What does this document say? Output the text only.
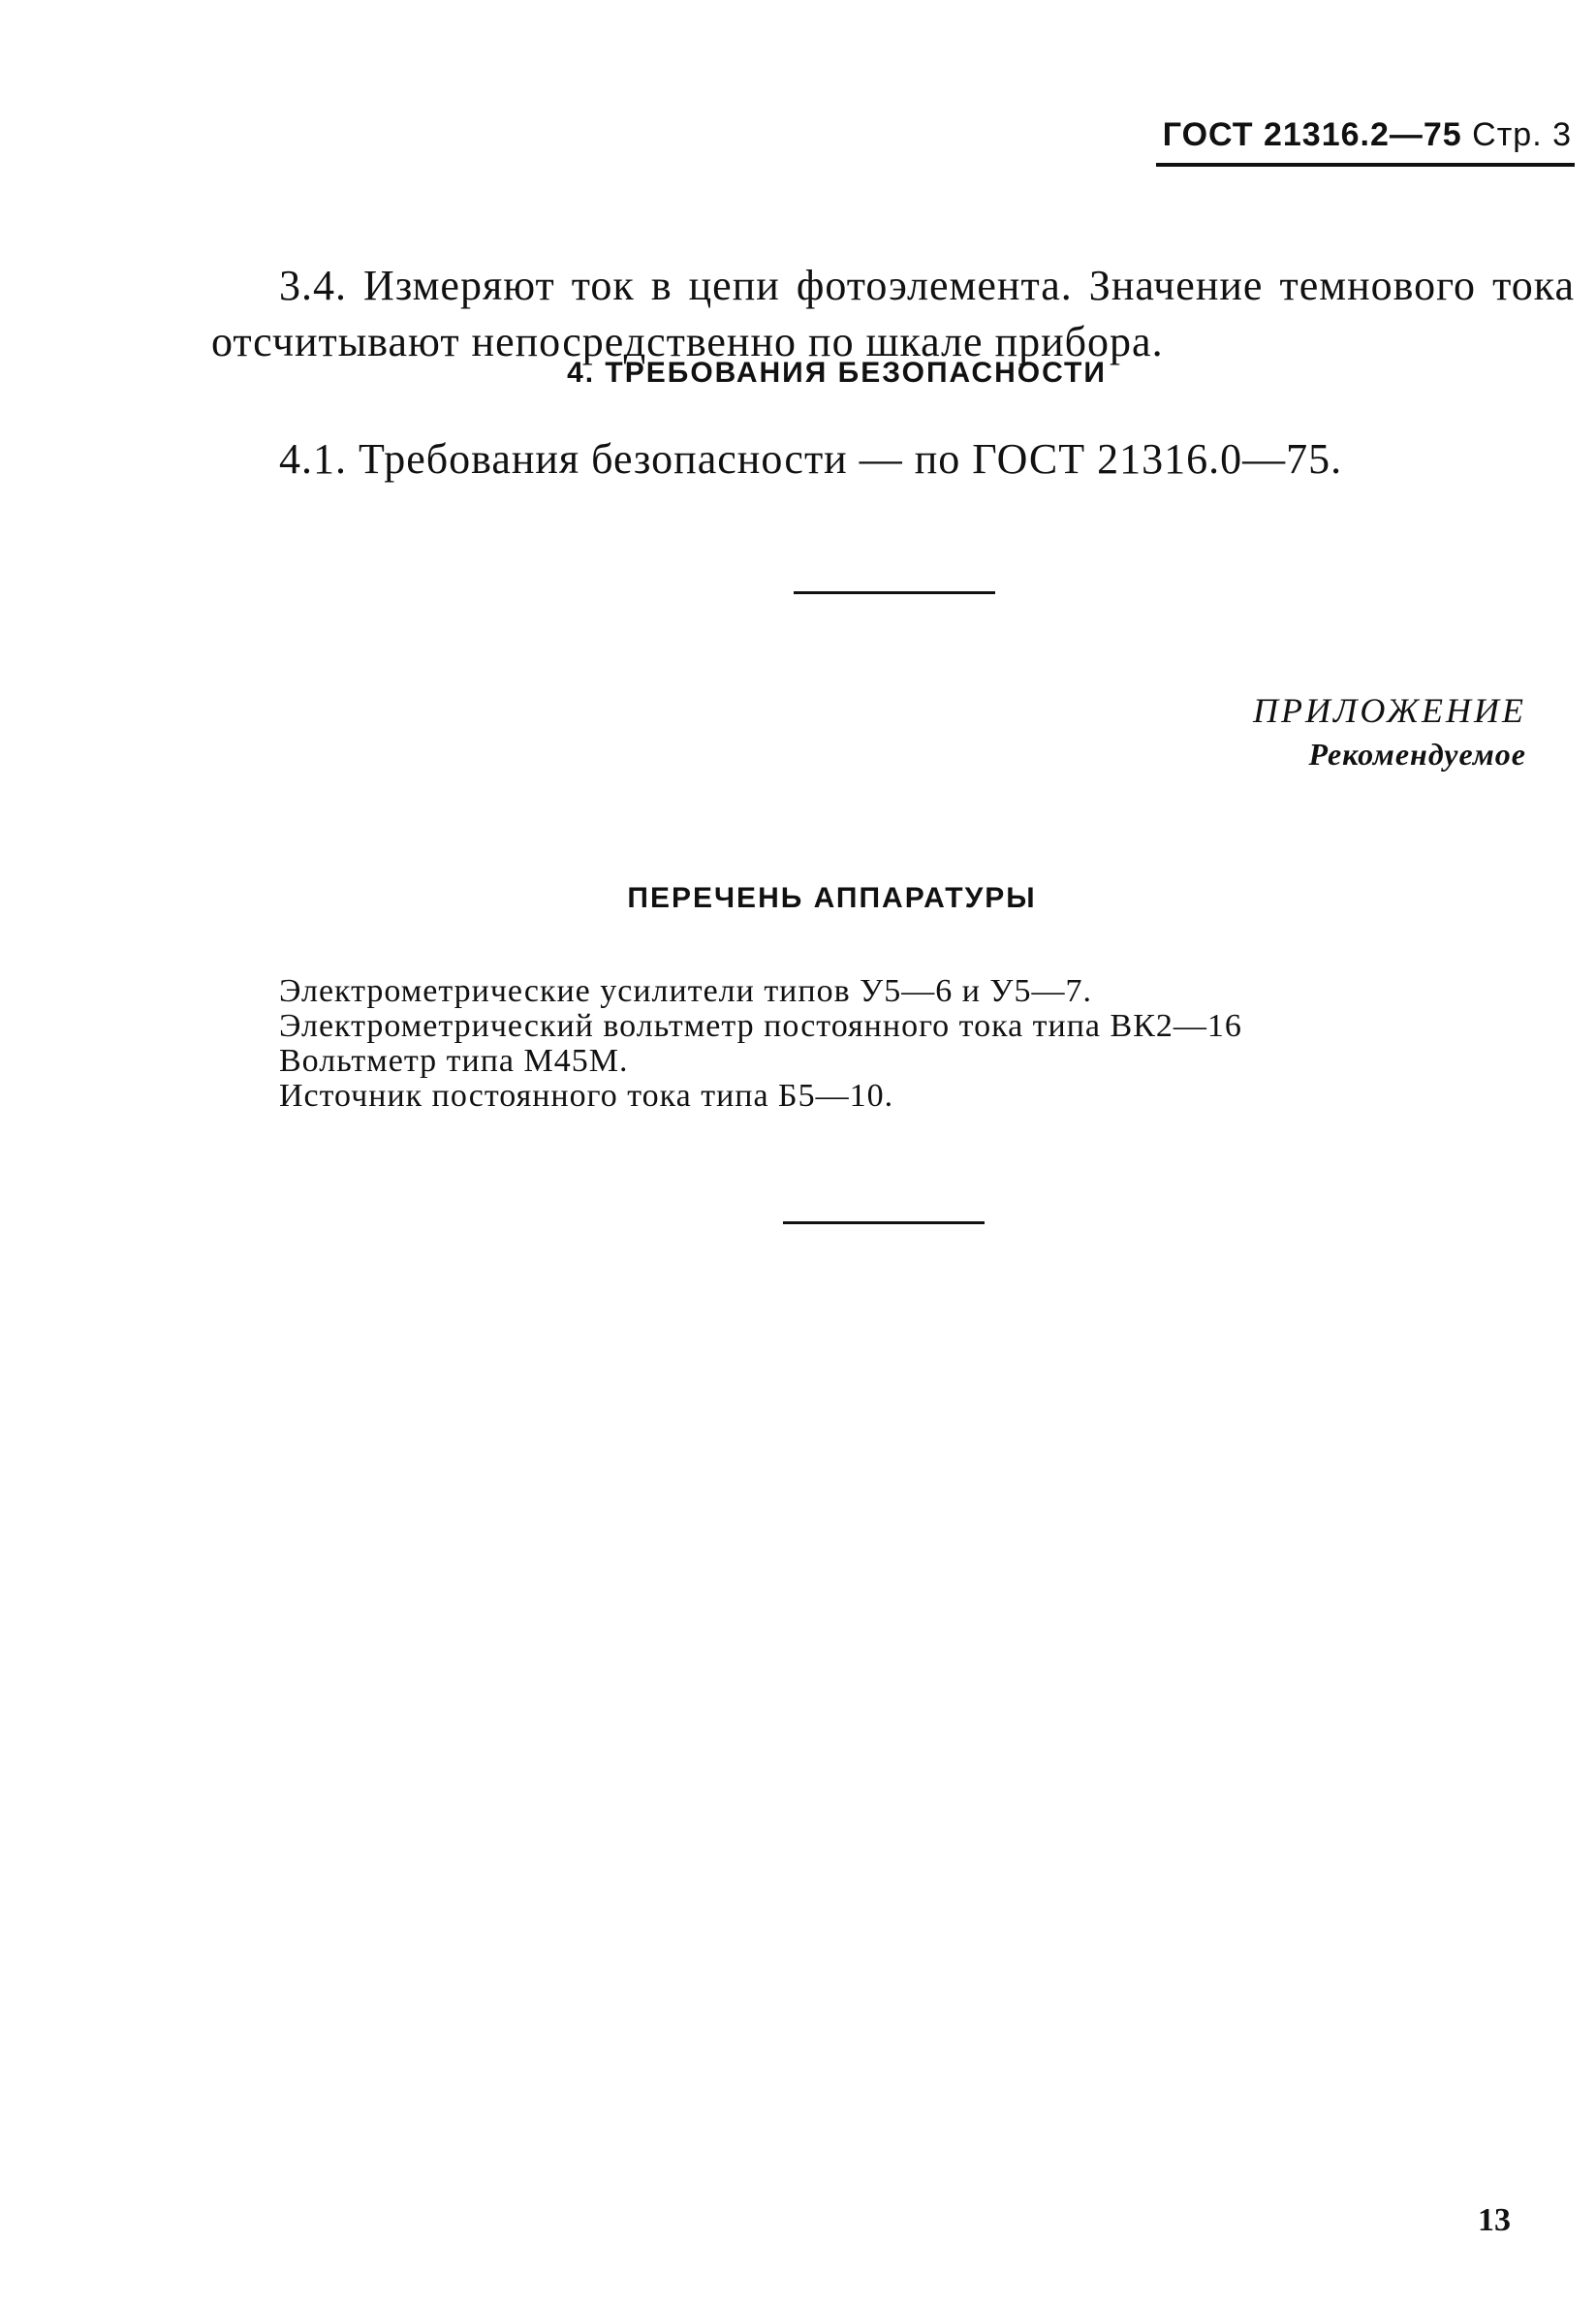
ГОСТ 21316.2—75 Стр. 3

3.4. Измеряют ток в цепи фотоэлемента. Значение темнового тока отсчитывают непосредственно по шкале прибора.

4. ТРЕБОВАНИЯ БЕЗОПАСНОСТИ
4.1. Требования безопасности — по ГОСТ 21316.0—75.
ПРИЛОЖЕНИЕ
Рекомендуемое
ПЕРЕЧЕНЬ АППАРАТУРЫ
Электрометрические усилители типов У5—6 и У5—7.
Электрометрический вольтметр постоянного тока типа ВК2—16
Вольтметр типа М45М.
Источник постоянного тока типа Б5—10.
13
